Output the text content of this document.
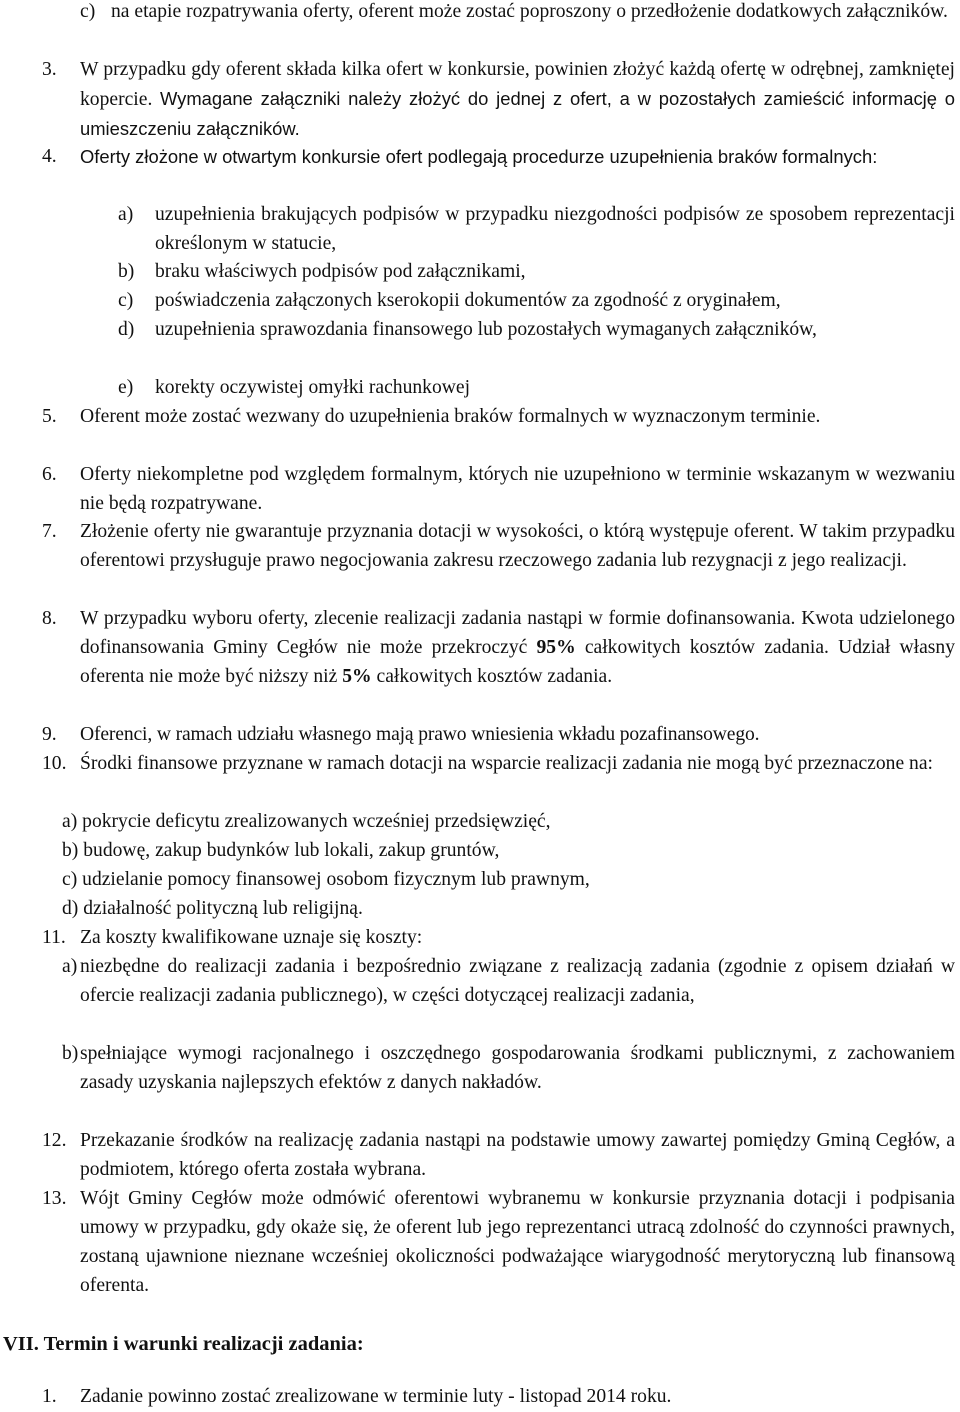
c) na etapie rozpatrywania oferty, oferent może zostać poproszony o przedłożenie dodatkowych załączników.
3. W przypadku gdy oferent składa kilka ofert w konkursie, powinien złożyć każdą ofertę w odrębnej, zamkniętej kopercie. Wymagane załączniki należy złożyć do jednej z ofert, a w pozostałych zamieścić informację o umieszczeniu załączników.
4. Oferty złożone w otwartym konkursie ofert podlegają procedurze uzupełnienia braków formalnych:
a)	uzupełnienia brakujących podpisów w przypadku niezgodności podpisów ze sposobem reprezentacji określonym w statucie,
b)	braku właściwych podpisów pod załącznikami,
c)	poświadczenia załączonych kserokopii dokumentów za zgodność z oryginałem,
d)	uzupełnienia sprawozdania finansowego lub pozostałych wymaganych załączników,
e)	korekty oczywistej omyłki rachunkowej
5. Oferent może zostać wezwany do uzupełnienia braków formalnych w wyznaczonym terminie.
6. Oferty niekompletne pod względem formalnym, których nie uzupełniono w terminie wskazanym w wezwaniu nie będą rozpatrywane.
7. Złożenie oferty nie gwarantuje przyznania dotacji w wysokości, o którą występuje oferent. W takim przypadku oferentowi przysługuje prawo negocjowania zakresu rzeczowego zadania lub rezygnacji z jego realizacji.
8. W przypadku wyboru oferty, zlecenie realizacji zadania nastąpi w formie dofinansowania. Kwota udzielonego dofinansowania Gminy Cegłów nie może przekroczyć 95% całkowitych kosztów zadania. Udział własny oferenta nie może być niższy niż 5% całkowitych kosztów zadania.
9. Oferenci, w ramach udziału własnego mają prawo wniesienia wkładu pozafinansowego.
10. Środki finansowe przyznane w ramach dotacji na wsparcie realizacji zadania nie mogą być przeznaczone na:
a) pokrycie deficytu zrealizowanych wcześniej przedsięwzięć,
b) budowę, zakup budynków lub lokali, zakup gruntów,
c) udzielanie pomocy finansowej osobom fizycznym lub prawnym,
d) działalność polityczną lub religijną.
11. Za koszty kwalifikowane uznaje się koszty:
a) niezbędne do realizacji zadania i bezpośrednio związane z realizacją zadania (zgodnie z opisem działań w ofercie realizacji zadania publicznego), w części dotyczącej realizacji zadania,
b) spełniające wymogi racjonalnego i oszczędnego gospodarowania środkami publicznymi, z zachowaniem zasady uzyskania najlepszych efektów z danych nakładów.
12. Przekazanie środków na realizację zadania nastąpi na podstawie umowy zawartej pomiędzy Gminą Cegłów, a podmiotem, którego oferta została wybrana.
13. Wójt Gminy Cegłów może odmówić oferentowi wybranemu w konkursie przyznania dotacji i podpisania umowy w przypadku, gdy okaże się, że oferent lub jego reprezentanci utracą zdolność do czynności prawnych, zostaną ujawnione nieznane wcześniej okoliczności podważające wiarygodność merytoryczną lub finansową oferenta.
VII. Termin i warunki realizacji zadania:
1. Zadanie powinno zostać zrealizowane w terminie luty - listopad 2014 roku.
